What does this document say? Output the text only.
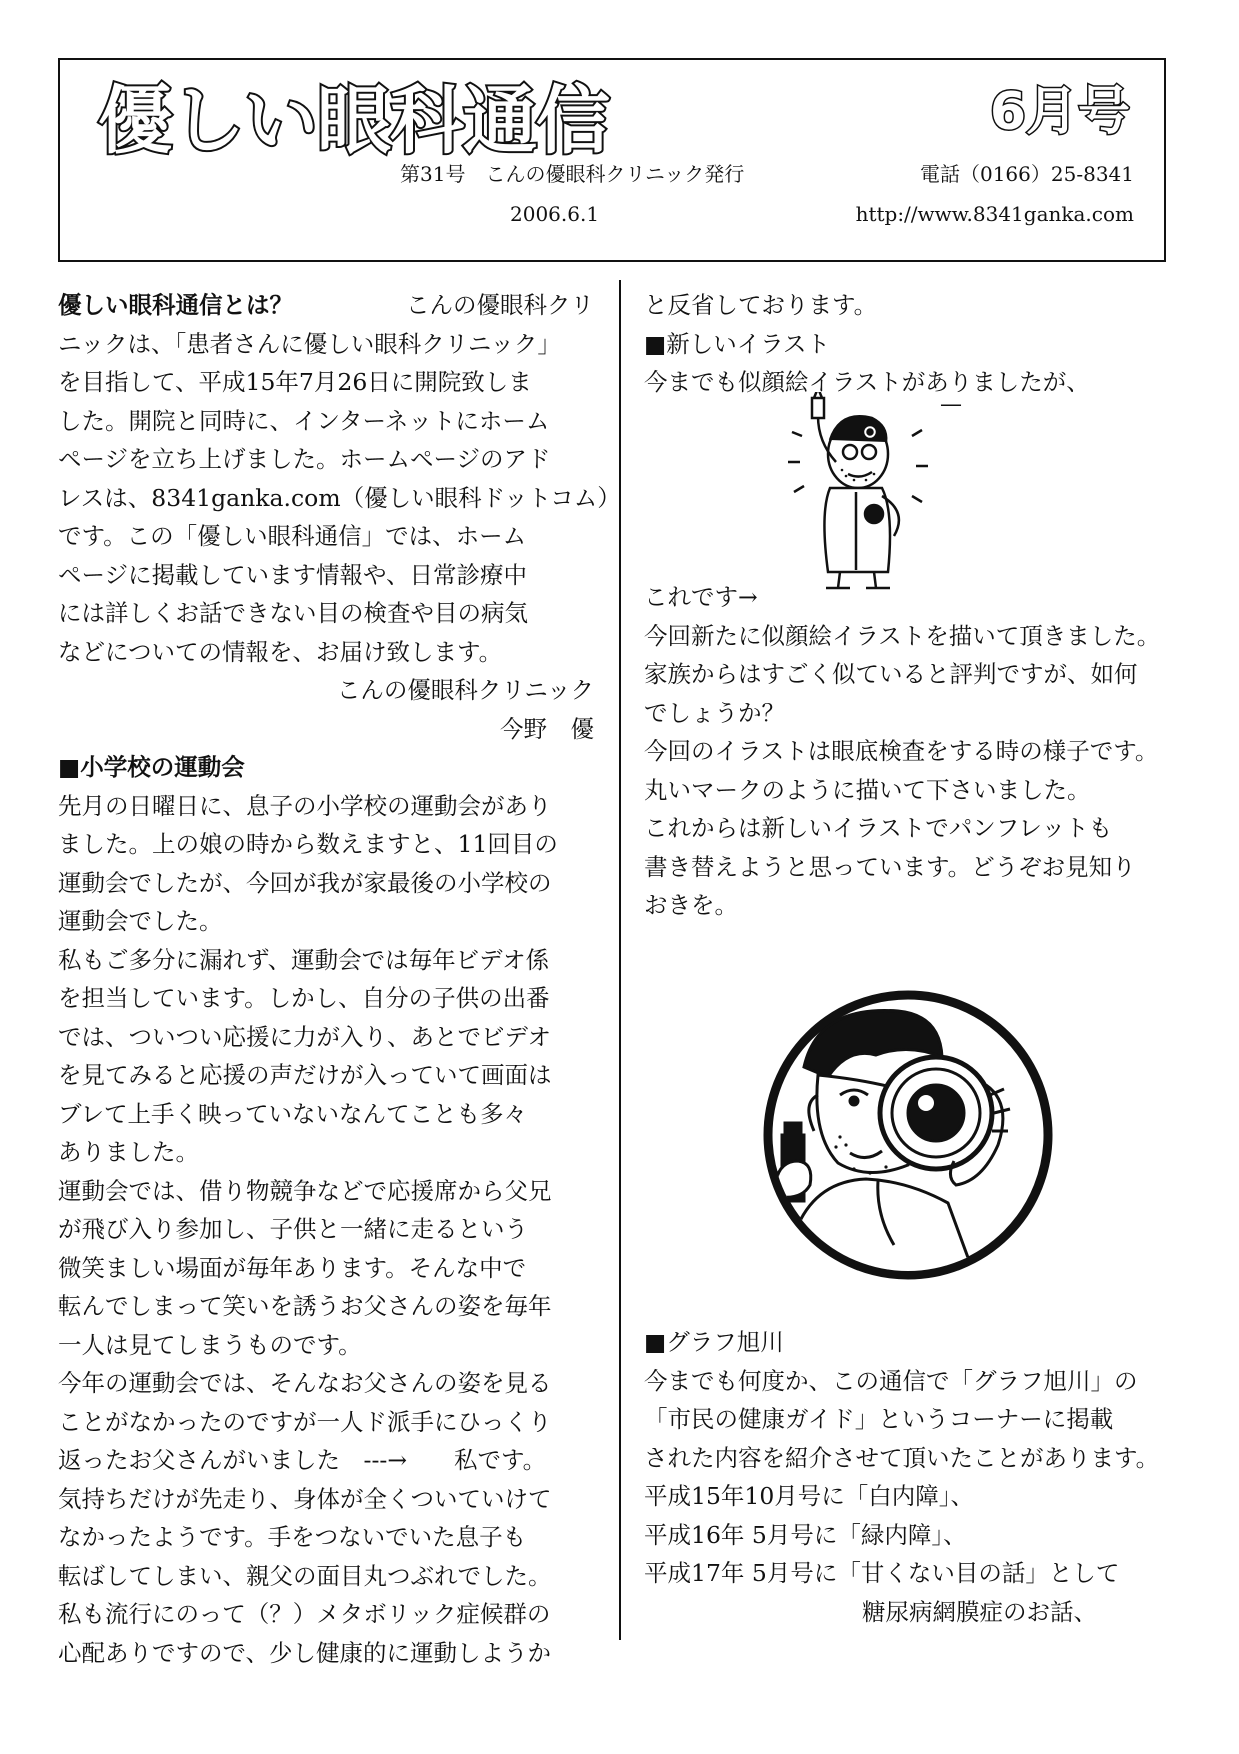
優しい眼科通信	6月号
第31号　こんの優眼科クリニック発行	電話（0166）25-8341
2006.6.1	http://www.8341ganka.com

優しい眼科通信とは？	こんの優眼科クリ

ニックは、「患者さんに優しい眼科クリニック」

を目指して、平成15年7月26日に開院致しま

した。開院と同時に、インターネットにホーム

ページを立ち上げました。ホームページのアド

レスは、8341ganka.com（優しい眼科ドットコム）

です。この「優しい眼科通信」では、ホーム

ページに掲載しています情報や、日常診療中

には詳しくお話できない目の検査や目の病気

などについての情報を、お届け致します。

こんの優眼科クリニック

今野　優

■小学校の運動会

先月の日曜日に、息子の小学校の運動会があり

ました。上の娘の時から数えますと、11回目の

運動会でしたが、今回が我が家最後の小学校の

運動会でした。

私もご多分に漏れず、運動会では毎年ビデオ係

を担当しています。しかし、自分の子供の出番

では、ついつい応援に力が入り、あとでビデオ

を見てみると応援の声だけが入っていて画面は

ブレて上手く映っていないなんてことも多々

ありました。

運動会では、借り物競争などで応援席から父兄

が飛び入り参加し、子供と一緒に走るという

微笑ましい場面が毎年あります。そんな中で

転んでしまって笑いを誘うお父さんの姿を毎年

一人は見てしまうものです。

今年の運動会では、そんなお父さんの姿を見る

ことがなかったのですが一人ド派手にひっくり

返ったお父さんがいました　---→　　私です。

気持ちだけが先走り、身体が全くついていけて

なかったようです。手をつないでいた息子も

転ばしてしまい、親父の面目丸つぶれでした。

私も流行にのって（？）メタボリック症候群の

心配ありですので、少し健康的に運動しようか

と反省しております。

■新しいイラスト

今までも似顔絵イラストがありましたが、

—

これです→

今回新たに似顔絵イラストを描いて頂きました。

家族からはすごく似ていると評判ですが、如何

でしょうか？

今回のイラストは眼底検査をする時の様子です。

丸いマークのように描いて下さいました。

これからは新しいイラストでパンフレットも

書き替えようと思っています。どうぞお見知り

おきを。

■グラフ旭川

今までも何度か、この通信で「グラフ旭川」の

「市民の健康ガイド」というコーナーに掲載

された内容を紹介させて頂いたことがあります。

平成15年10月号に「白内障」、

平成16年 5月号に「緑内障」、

平成17年 5月号に「甘くない目の話」として

糖尿病網膜症のお話、
